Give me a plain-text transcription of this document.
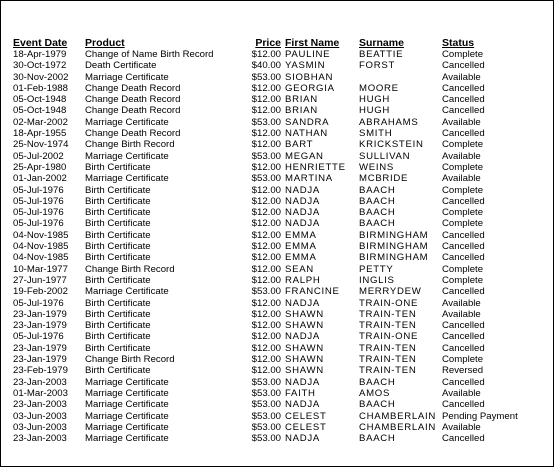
Event Date	Product	Price	First Name	Surname	Status
18-Apr-1979	Change of Name Birth Record	$12.00	PAULINE	BEATTIE	Complete
30-Oct-1972	Death Certificate	$40.00	YASMIN	FORST	Cancelled
30-Nov-2002	Marriage Certificate	$53.00	SIOBHAN		Available
01-Feb-1988	Change Death Record	$12.00	GEORGIA	MOORE	Cancelled
05-Oct-1948	Change Death Record	$12.00	BRIAN	HUGH	Cancelled
05-Oct-1948	Change Death Record	$12.00	BRIAN	HUGH	Cancelled
02-Mar-2002	Marriage Certificate	$53.00	SANDRA	ABRAHAMS	Available
18-Apr-1955	Change Death Record	$12.00	NATHAN	SMITH	Cancelled
25-Nov-1974	Change Birth Record	$12.00	BART	KRICKSTEIN	Complete
05-Jul-2002	Marriage Certificate	$53.00	MEGAN	SULLIVAN	Available
25-Apr-1980	Birth Certificate	$12.00	HENRIETTE	WEINS	Complete
01-Jan-2002	Marriage Certificate	$53.00	MARTINA	MCBRIDE	Available
05-Jul-1976	Birth Certificate	$12.00	NADJA	BAACH	Complete
05-Jul-1976	Birth Certificate	$12.00	NADJA	BAACH	Cancelled
05-Jul-1976	Birth Certificate	$12.00	NADJA	BAACH	Complete
05-Jul-1976	Birth Certificate	$12.00	NADJA	BAACH	Complete
04-Nov-1985	Birth Certificate	$12.00	EMMA	BIRMINGHAM	Cancelled
04-Nov-1985	Birth Certificate	$12.00	EMMA	BIRMINGHAM	Cancelled
04-Nov-1985	Birth Certificate	$12.00	EMMA	BIRMINGHAM	Cancelled
10-Mar-1977	Change Birth Record	$12.00	SEAN	PETTY	Complete
27-Jun-1977	Birth Certificate	$12.00	RALPH	INGLIS	Complete
19-Feb-2002	Marriage Certificate	$53.00	FRANCINE	MERRYDEW	Cancelled
05-Jul-1976	Birth Certificate	$12.00	NADJA	TRAIN-ONE	Available
23-Jan-1979	Birth Certificate	$12.00	SHAWN	TRAIN-TEN	Available
23-Jan-1979	Birth Certificate	$12.00	SHAWN	TRAIN-TEN	Cancelled
05-Jul-1976	Birth Certificate	$12.00	NADJA	TRAIN-ONE	Cancelled
23-Jan-1979	Birth Certificate	$12.00	SHAWN	TRAIN-TEN	Cancelled
23-Jan-1979	Change Birth Record	$12.00	SHAWN	TRAIN-TEN	Complete
23-Feb-1979	Birth Certificate	$12.00	SHAWN	TRAIN-TEN	Reversed
23-Jan-2003	Marriage Certificate	$53.00	NADJA	BAACH	Cancelled
01-Mar-2003	Marriage Certificate	$53.00	FAITH	AMOS	Available
23-Jan-2003	Marriage Certificate	$53.00	NADJA	BAACH	Cancelled
03-Jun-2003	Marriage Certificate	$53.00	CELEST	CHAMBERLAIN	Pending Payment
03-Jun-2003	Marriage Certificate	$53.00	CELEST	CHAMBERLAIN	Available
23-Jan-2003	Marriage Certificate	$53.00	NADJA	BAACH	Cancelled
